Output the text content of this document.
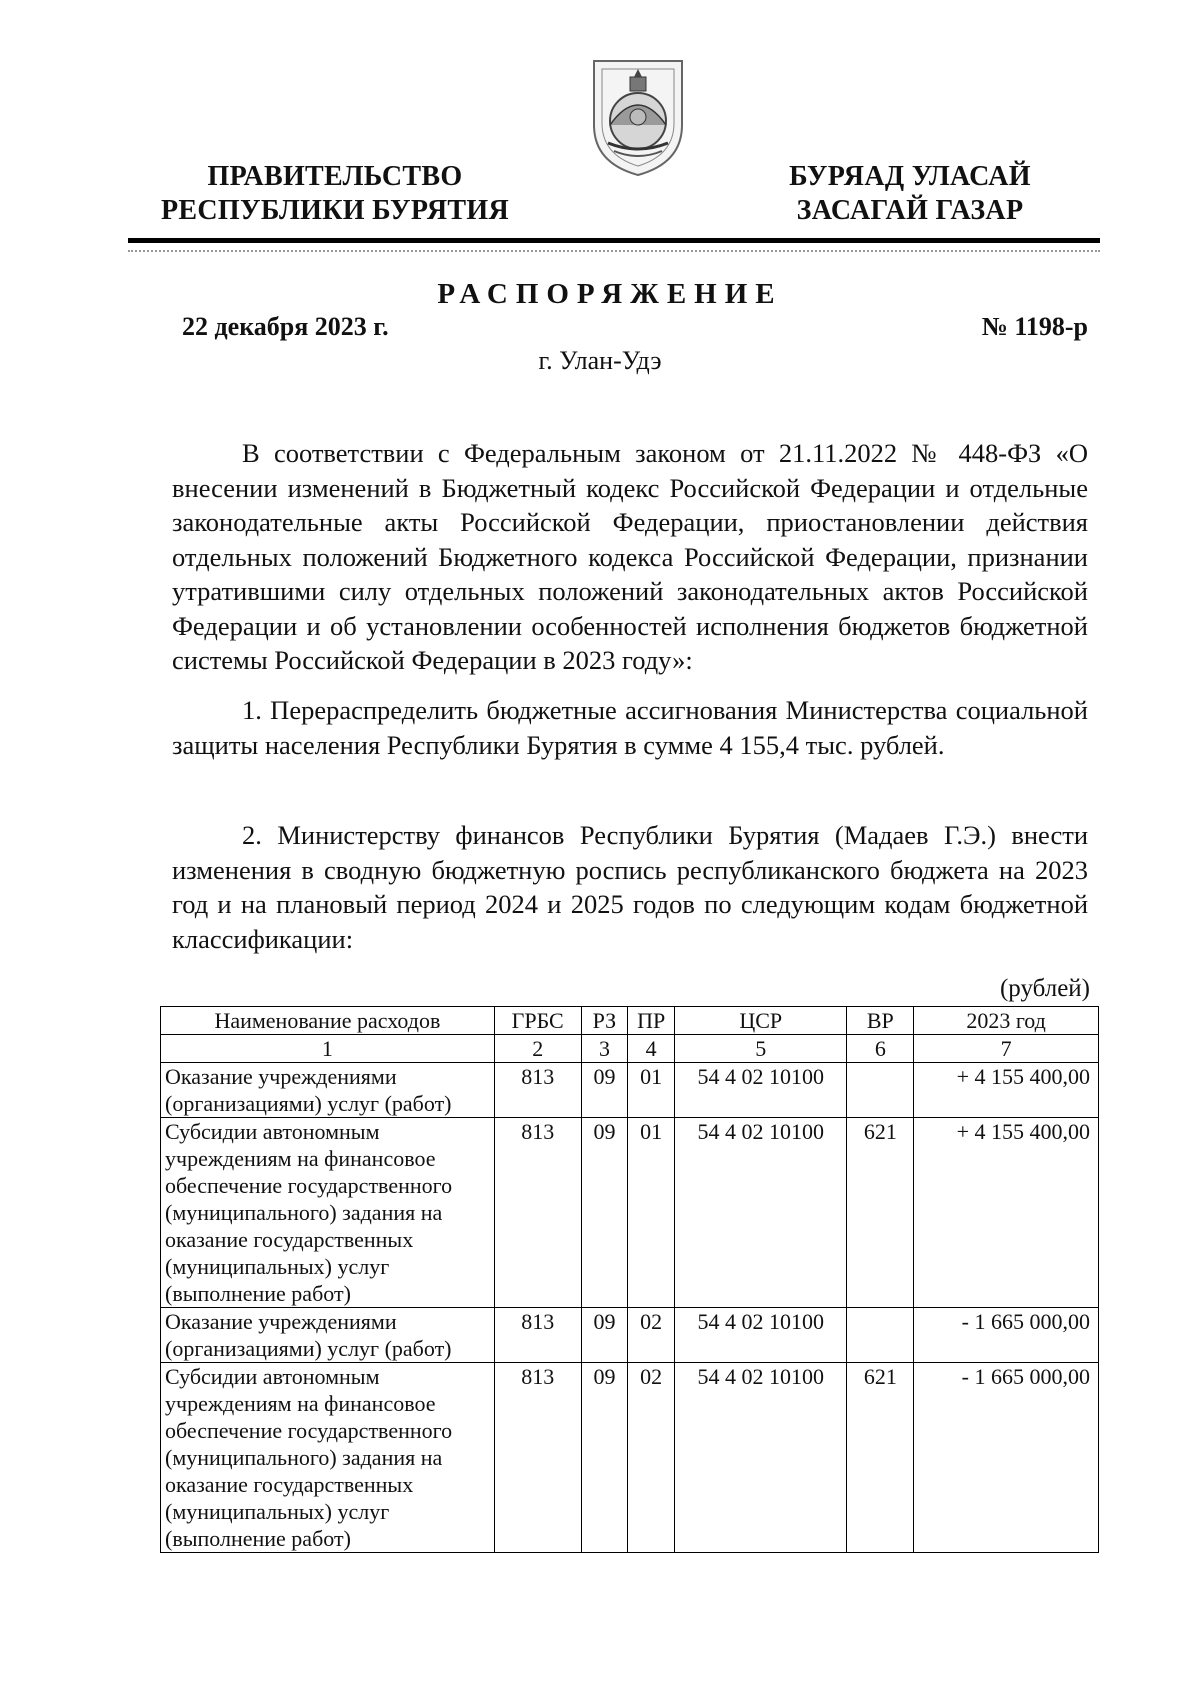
ПРАВИТЕЛЬСТВО
РЕСПУБЛИКИ БУРЯТИЯ
БУРЯАД УЛАСАЙ
ЗАСАГАЙ ГАЗАР
РАСПОРЯЖЕНИЕ
22 декабря 2023 г.	№ 1198-р
г. Улан-Удэ

В соответствии с Федеральным законом от 21.11.2022 № 448-ФЗ «О внесении изменений в Бюджетный кодекс Российской Федерации и отдельные законодательные акты Российской Федерации, приостановлении действия отдельных положений Бюджетного кодекса Российской Федерации, признании утратившими силу отдельных положений законодательных актов Российской Федерации и об установлении особенностей исполнения бюджетов бюджетной системы Российской Федерации в 2023 году»:

1. Перераспределить бюджетные ассигнования Министерства социальной защиты населения Республики Бурятия в сумме 4 155,4 тыс. рублей.

2. Министерству финансов Республики Бурятия (Мадаев Г.Э.) внести изменения в сводную бюджетную роспись республиканского бюджета на 2023 год и на плановый период 2024 и 2025 годов по следующим кодам бюджетной классификации:

(рублей)
Наименование расходов	ГРБС	РЗ	ПР	ЦСР	ВР	2023 год
1	2	3	4	5	6	7
Оказание учреждениями (организациями) услуг (работ)	813	09	01	54 4 02 10100		+ 4 155 400,00
Субсидии автономным учреждениям на финансовое обеспечение государственного (муниципального) задания на оказание государственных (муниципальных) услуг (выполнение работ)	813	09	01	54 4 02 10100	621	+ 4 155 400,00
Оказание учреждениями (организациями) услуг (работ)	813	09	02	54 4 02 10100		- 1 665 000,00
Субсидии автономным учреждениям на финансовое обеспечение государственного (муниципального) задания на оказание государственных (муниципальных) услуг (выполнение работ)	813	09	02	54 4 02 10100	621	- 1 665 000,00
